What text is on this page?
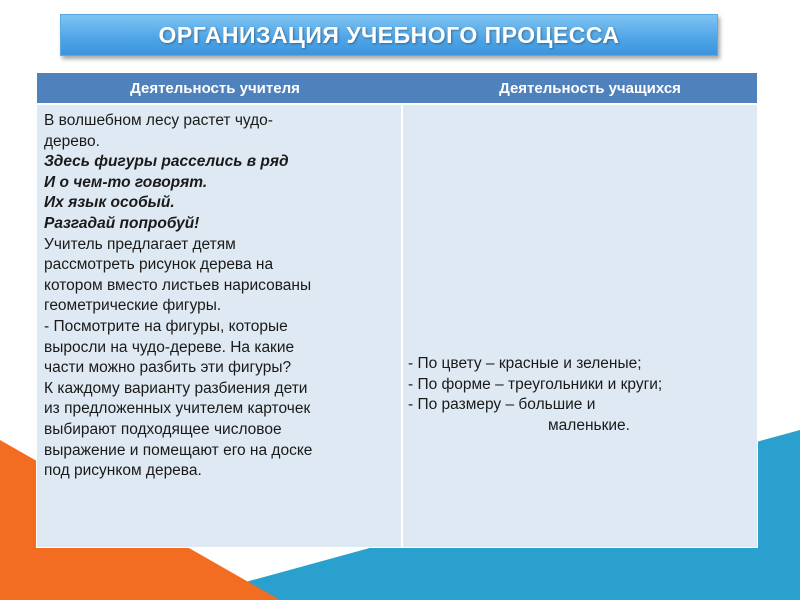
ОРГАНИЗАЦИЯ УЧЕБНОГО ПРОЦЕССА
Деятельность учителя	Деятельность учащихся
В волшебном лесу растет чудо-
дерево.
Здесь фигуры расселись в ряд
И о чем-то говорят.
Их язык особый.
Разгадай попробуй!
Учитель предлагает детям
рассмотреть рисунок дерева на
котором вместо листьев нарисованы
геометрические фигуры.
- Посмотрите на фигуры, которые
выросли на чудо-дереве. На какие
части можно разбить эти фигуры?
К каждому варианту разбиения дети
из предложенных учителем карточек
выбирают подходящее числовое
выражение и помещают его на доске
под рисунком дерева.
- По цвету – красные и зеленые;
- По форме – треугольники и круги;
- По размеру – большие и
маленькие.
